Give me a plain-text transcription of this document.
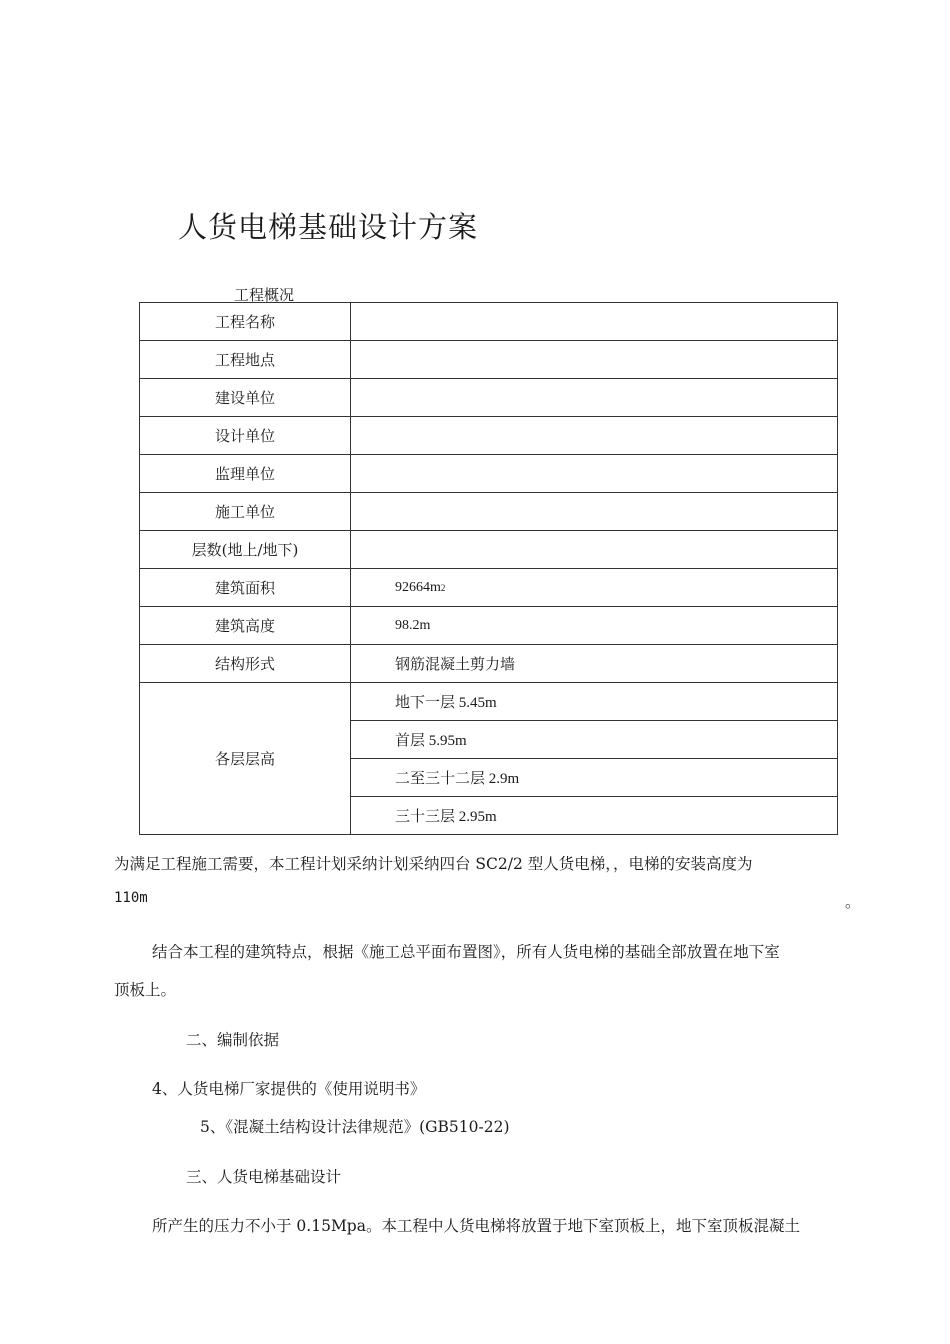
人货电梯基础设计方案
工程概况
工程名称	
工程地点	
建设单位	
设计单位	
监理单位	
施工单位	
层数(地上/地下)	
建筑面积	92664m2
建筑高度	98.2m
结构形式	钢筋混凝土剪力墙
各层层高	地下一层 5.45m
	首层 5.95m
	二至三十二层 2.9m
	三十三层 2.95m
为满足工程施工需要，本工程计划采纳计划采纳四台 SC2/2 型人货电梯，，电梯的安装高度为
110m	。
结合本工程的建筑特点，根据《施工总平面布置图》，所有人货电梯的基础全部放置在地下室
顶板上。
二、编制依据
4、人货电梯厂家提供的《使用说明书》
5、《混凝土结构设计法律规范》(GB510-22)
三、人货电梯基础设计
所产生的压力不小于 0.15Mpa。本工程中人货电梯将放置于地下室顶板上，地下室顶板混凝土
